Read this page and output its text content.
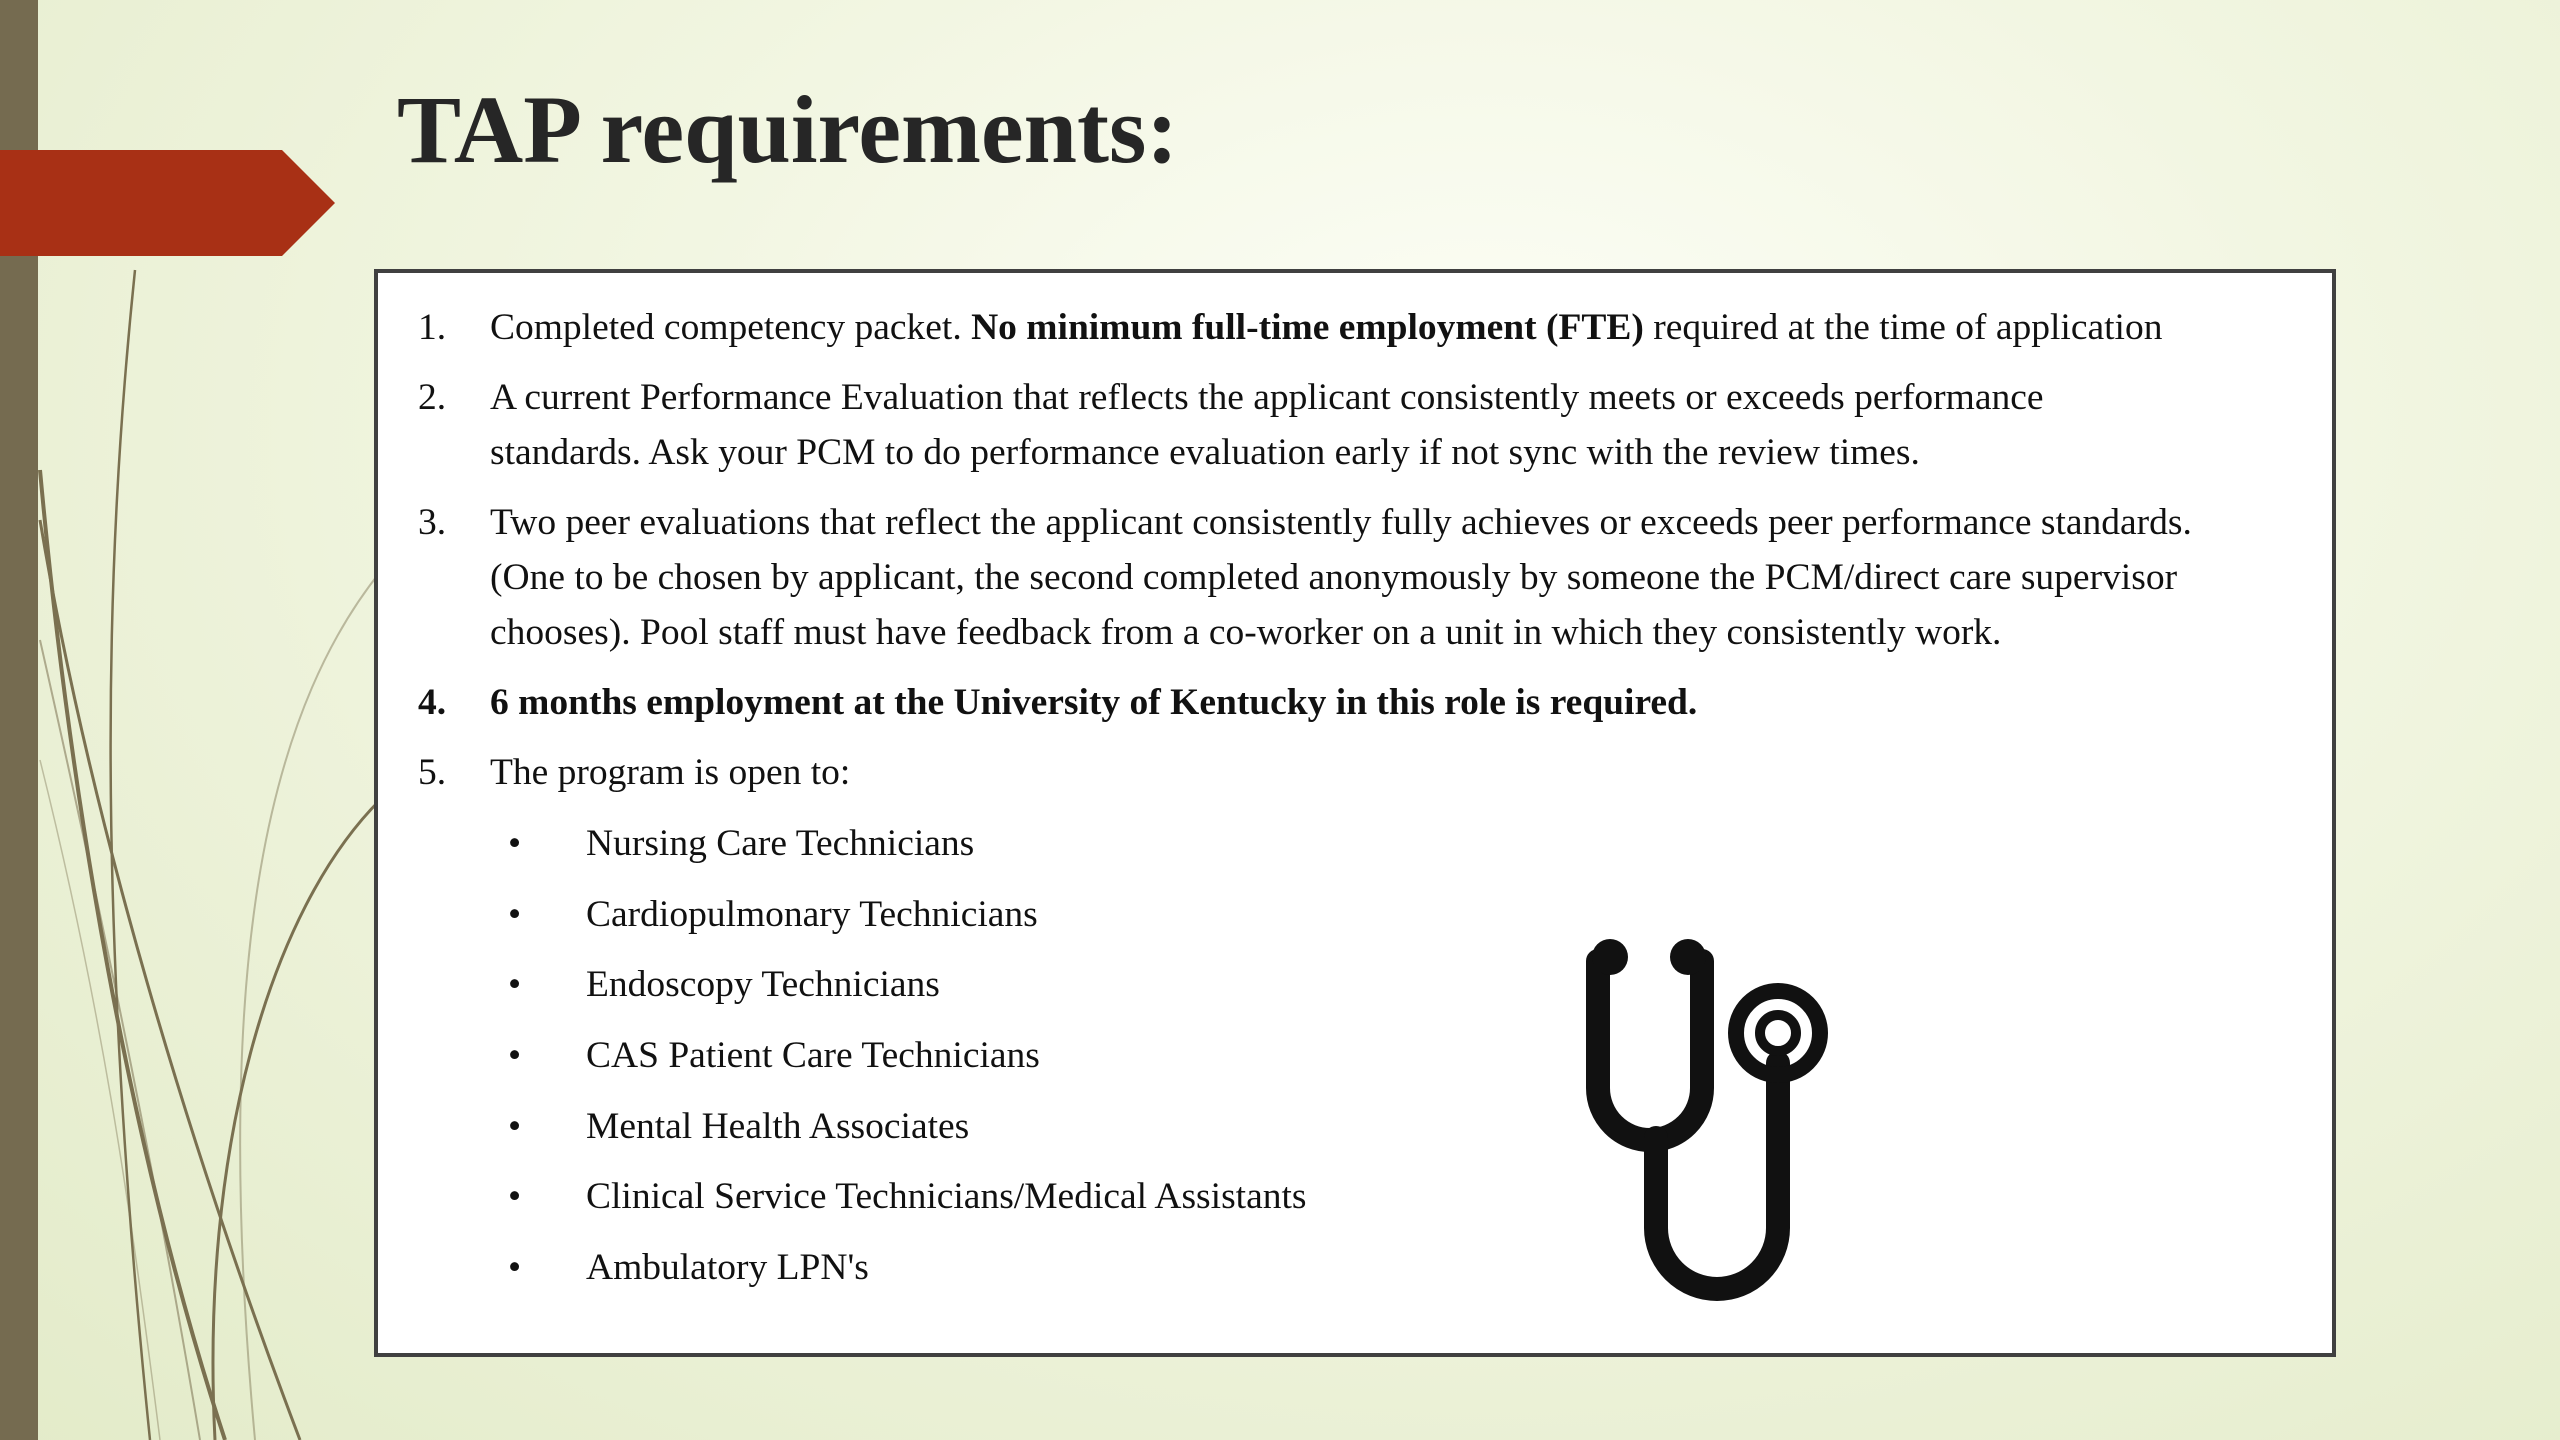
TAP requirements:
1.	Completed competency packet. No minimum full-time employment (FTE) required at the time of application
2.	A current Performance Evaluation that reflects the applicant consistently meets or exceeds performance
standards. Ask your PCM to do performance evaluation early if not sync with the review times.
3.	Two peer evaluations that reflect the applicant consistently fully achieves or exceeds peer performance standards.
(One to be chosen by applicant, the second completed anonymously by someone the PCM/direct care supervisor
chooses). Pool staff must have feedback from a co-worker on a unit in which they consistently work.
4.	6 months employment at the University of Kentucky in this role is required.
5.	The program is open to:
• Nursing Care Technicians
• Cardiopulmonary Technicians
• Endoscopy Technicians
• CAS Patient Care Technicians
• Mental Health Associates
• Clinical Service Technicians/Medical Assistants
• Ambulatory LPN's
